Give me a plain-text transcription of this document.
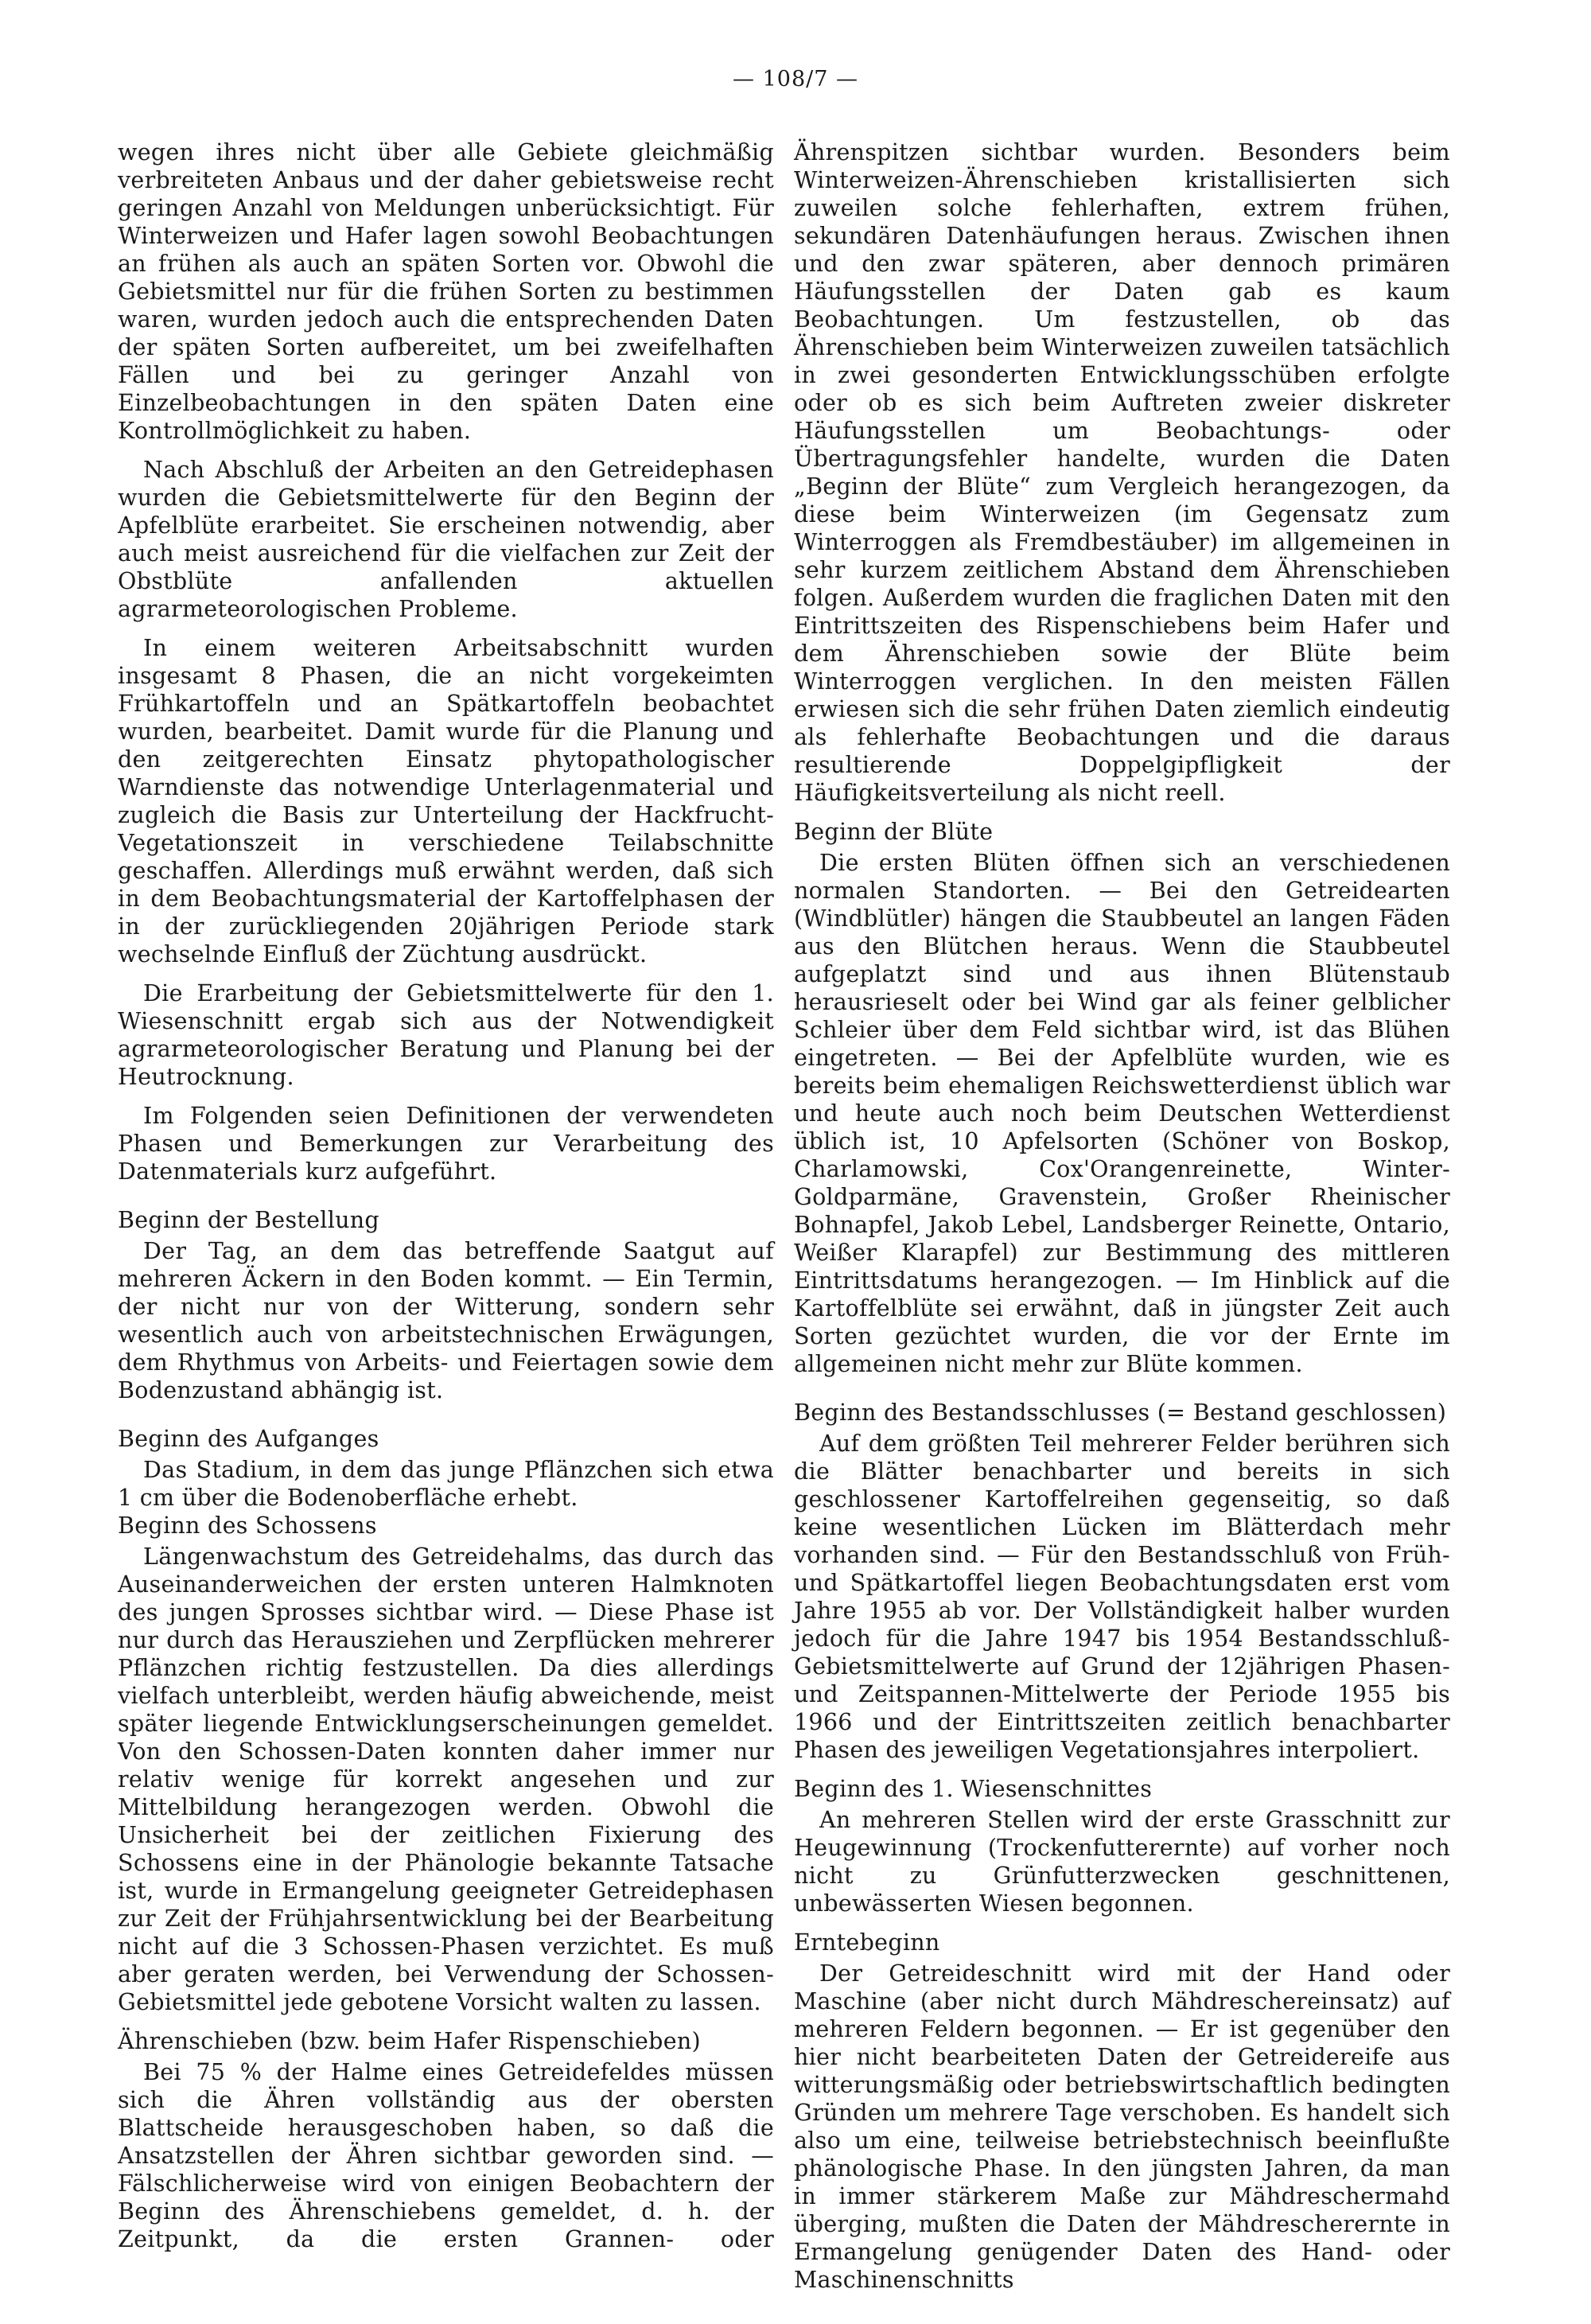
— 108/7 —

wegen ihres nicht über alle Gebiete gleichmäßig verbreiteten Anbaus und der daher gebietsweise recht geringen Anzahl von Meldungen unberücksichtigt. Für Winterweizen und Hafer lagen sowohl Beobachtungen an frühen als auch an späten Sorten vor. Obwohl die Gebietsmittel nur für die frühen Sorten zu bestimmen waren, wurden jedoch auch die entsprechenden Daten der späten Sorten aufbereitet, um bei zweifelhaften Fällen und bei zu geringer Anzahl von Einzelbeobachtungen in den späten Daten eine Kontrollmöglichkeit zu haben.

Nach Abschluß der Arbeiten an den Getreidephasen wurden die Gebietsmittelwerte für den Beginn der Apfelblüte erarbeitet. Sie erscheinen notwendig, aber auch meist ausreichend für die vielfachen zur Zeit der Obstblüte anfallenden aktuellen agrarmeteorologischen Probleme.

In einem weiteren Arbeitsabschnitt wurden insgesamt 8 Phasen, die an nicht vorgekeimten Frühkartoffeln und an Spätkartoffeln beobachtet wurden, bearbeitet. Damit wurde für die Planung und den zeitgerechten Einsatz phytopathologischer Warndienste das notwendige Unterlagenmaterial und zugleich die Basis zur Unterteilung der Hackfrucht-Vegetationszeit in verschiedene Teilabschnitte geschaffen. Allerdings muß erwähnt werden, daß sich in dem Beobachtungsmaterial der Kartoffelphasen der in der zurückliegenden 20jährigen Periode stark wechselnde Einfluß der Züchtung ausdrückt.

Die Erarbeitung der Gebietsmittelwerte für den 1. Wiesenschnitt ergab sich aus der Notwendigkeit agrarmeteorologischer Beratung und Planung bei der Heutrocknung.

Im Folgenden seien Definitionen der verwendeten Phasen und Bemerkungen zur Verarbeitung des Datenmaterials kurz aufgeführt.

Beginn der Bestellung

Der Tag, an dem das betreffende Saatgut auf mehreren Äckern in den Boden kommt. — Ein Termin, der nicht nur von der Witterung, sondern sehr wesentlich auch von arbeitstechnischen Erwägungen, dem Rhythmus von Arbeits- und Feiertagen sowie dem Bodenzustand abhängig ist.

Beginn des Aufganges

Das Stadium, in dem das junge Pflänzchen sich etwa 1 cm über die Bodenoberfläche erhebt.

Beginn des Schossens

Längenwachstum des Getreidehalms, das durch das Auseinanderweichen der ersten unteren Halmknoten des jungen Sprosses sichtbar wird. — Diese Phase ist nur durch das Herausziehen und Zerpflücken mehrerer Pflänzchen richtig festzustellen. Da dies allerdings vielfach unterbleibt, werden häufig abweichende, meist später liegende Entwicklungserscheinungen gemeldet. Von den Schossen-Daten konnten daher immer nur relativ wenige für korrekt angesehen und zur Mittelbildung herangezogen werden. Obwohl die Unsicherheit bei der zeitlichen Fixierung des Schossens eine in der Phänologie bekannte Tatsache ist, wurde in Ermangelung geeigneter Getreidephasen zur Zeit der Frühjahrsentwicklung bei der Bearbeitung nicht auf die 3 Schossen-Phasen verzichtet. Es muß aber geraten werden, bei Verwendung der Schossen-Gebietsmittel jede gebotene Vorsicht walten zu lassen.

Ährenschieben (bzw. beim Hafer Rispenschieben)

Bei 75 % der Halme eines Getreidefeldes müssen sich die Ähren vollständig aus der obersten Blattscheide herausgeschoben haben, so daß die Ansatzstellen der Ähren sichtbar geworden sind. — Fälschlicherweise wird von einigen Beobachtern der Beginn des Ährenschiebens gemeldet, d. h. der Zeitpunkt, da die ersten Grannen- oder

Ährenspitzen sichtbar wurden. Besonders beim Winterweizen-Ährenschieben kristallisierten sich zuweilen solche fehlerhaften, extrem frühen, sekundären Datenhäufungen heraus. Zwischen ihnen und den zwar späteren, aber dennoch primären Häufungsstellen der Daten gab es kaum Beobachtungen. Um festzustellen, ob das Ährenschieben beim Winterweizen zuweilen tatsächlich in zwei gesonderten Entwicklungsschüben erfolgte oder ob es sich beim Auftreten zweier diskreter Häufungsstellen um Beobachtungs- oder Übertragungsfehler handelte, wurden die Daten „Beginn der Blüte“ zum Vergleich herangezogen, da diese beim Winterweizen (im Gegensatz zum Winterroggen als Fremdbestäuber) im allgemeinen in sehr kurzem zeitlichem Abstand dem Ährenschieben folgen. Außerdem wurden die fraglichen Daten mit den Eintrittszeiten des Rispenschiebens beim Hafer und dem Ährenschieben sowie der Blüte beim Winterroggen verglichen. In den meisten Fällen erwiesen sich die sehr frühen Daten ziemlich eindeutig als fehlerhafte Beobachtungen und die daraus resultierende Doppelgipfligkeit der Häufigkeitsverteilung als nicht reell.

Beginn der Blüte

Die ersten Blüten öffnen sich an verschiedenen normalen Standorten. — Bei den Getreidearten (Windblütler) hängen die Staubbeutel an langen Fäden aus den Blütchen heraus. Wenn die Staubbeutel aufgeplatzt sind und aus ihnen Blütenstaub herausrieselt oder bei Wind gar als feiner gelblicher Schleier über dem Feld sichtbar wird, ist das Blühen eingetreten. — Bei der Apfelblüte wurden, wie es bereits beim ehemaligen Reichswetterdienst üblich war und heute auch noch beim Deutschen Wetterdienst üblich ist, 10 Apfelsorten (Schöner von Boskop, Charlamowski, Cox'Orangenreinette, Winter-Goldparmäne, Gravenstein, Großer Rheinischer Bohnapfel, Jakob Lebel, Landsberger Reinette, Ontario, Weißer Klarapfel) zur Bestimmung des mittleren Eintrittsdatums herangezogen. — Im Hinblick auf die Kartoffelblüte sei erwähnt, daß in jüngster Zeit auch Sorten gezüchtet wurden, die vor der Ernte im allgemeinen nicht mehr zur Blüte kommen.

Beginn des Bestandsschlusses (= Bestand geschlossen)

Auf dem größten Teil mehrerer Felder berühren sich die Blätter benachbarter und bereits in sich geschlossener Kartoffelreihen gegenseitig, so daß keine wesentlichen Lücken im Blätterdach mehr vorhanden sind. — Für den Bestandsschluß von Früh- und Spätkartoffel liegen Beobachtungsdaten erst vom Jahre 1955 ab vor. Der Vollständigkeit halber wurden jedoch für die Jahre 1947 bis 1954 Bestandsschluß-Gebietsmittelwerte auf Grund der 12jährigen Phasen- und Zeitspannen-Mittelwerte der Periode 1955 bis 1966 und der Eintrittszeiten zeitlich benachbarter Phasen des jeweiligen Vegetationsjahres interpoliert.

Beginn des 1. Wiesenschnittes

An mehreren Stellen wird der erste Grasschnitt zur Heugewinnung (Trockenfutterernte) auf vorher noch nicht zu Grünfutterzwecken geschnittenen, unbewässerten Wiesen begonnen.

Erntebeginn

Der Getreideschnitt wird mit der Hand oder Maschine (aber nicht durch Mähdreschereinsatz) auf mehreren Feldern begonnen. — Er ist gegenüber den hier nicht bearbeiteten Daten der Getreidereife aus witterungsmäßig oder betriebswirtschaftlich bedingten Gründen um mehrere Tage verschoben. Es handelt sich also um eine, teilweise betriebstechnisch beeinflußte phänologische Phase. In den jüngsten Jahren, da man in immer stärkerem Maße zur Mähdreschermahd überging, mußten die Daten der Mähdrescherernte in Ermangelung genügender Daten des Hand- oder Maschinenschnitts
